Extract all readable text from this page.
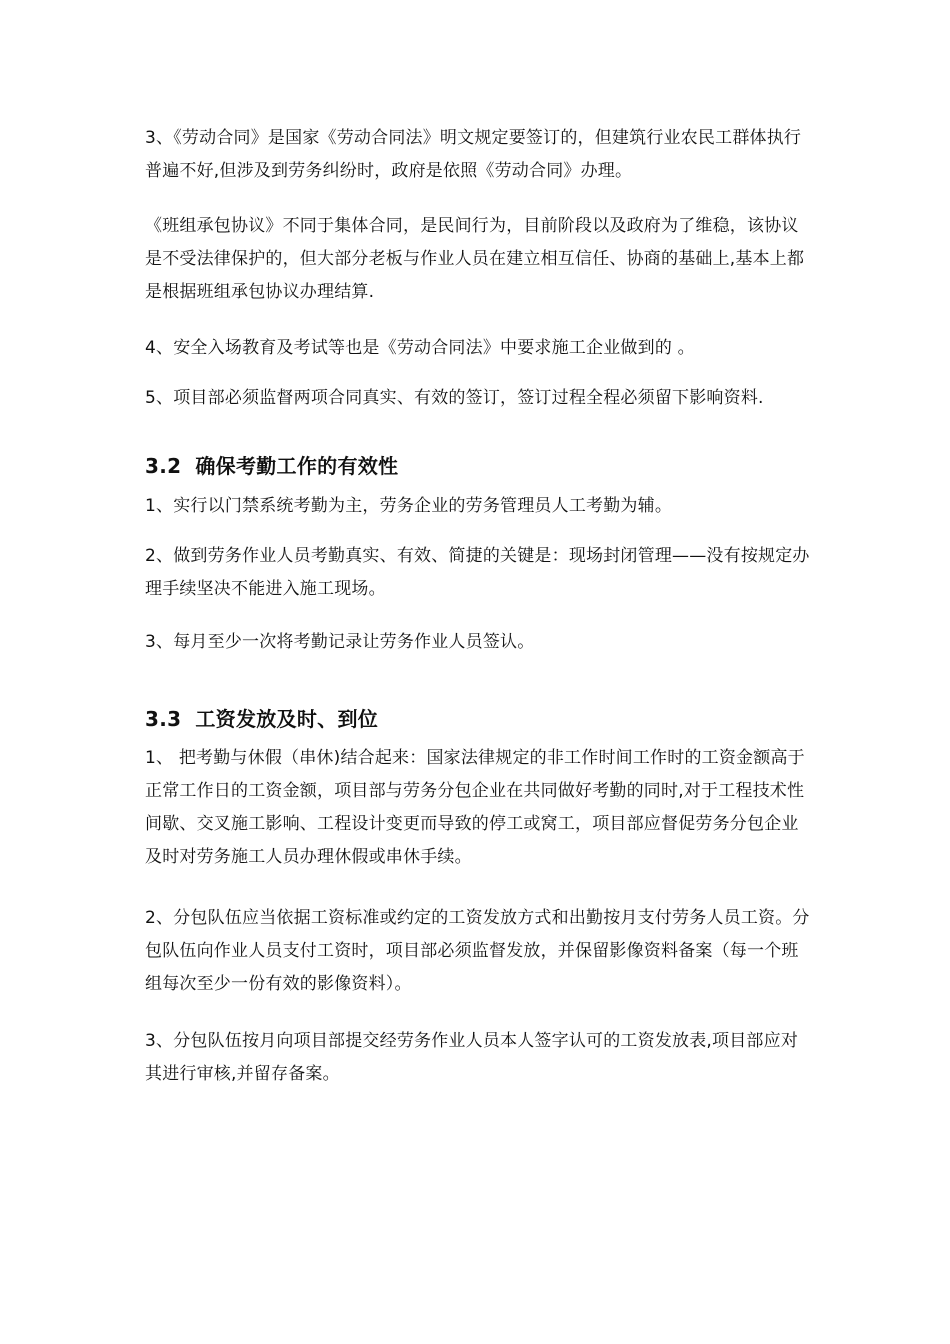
3、《劳动合同》是国家《劳动合同法》明文规定要签订的，但建筑行业农民工群体执行普遍不好,但涉及到劳务纠纷时，政府是依照《劳动合同》办理。

《班组承包协议》不同于集体合同，是民间行为，目前阶段以及政府为了维稳，该协议是不受法律保护的，但大部分老板与作业人员在建立相互信任、协商的基础上,基本上都是根据班组承包协议办理结算.

4、安全入场教育及考试等也是《劳动合同法》中要求施工企业做到的 。

5、项目部必须监督两项合同真实、有效的签订，签订过程全程必须留下影响资料.

3.2 确保考勤工作的有效性

1、实行以门禁系统考勤为主，劳务企业的劳务管理员人工考勤为辅。

2、做到劳务作业人员考勤真实、有效、简捷的关键是：现场封闭管理——没有按规定办理手续坚决不能进入施工现场。

3、每月至少一次将考勤记录让劳务作业人员签认。

3.3 工资发放及时、到位

1、 把考勤与休假（串休)结合起来：国家法律规定的非工作时间工作时的工资金额高于正常工作日的工资金额，项目部与劳务分包企业在共同做好考勤的同时,对于工程技术性间歇、交叉施工影响、工程设计变更而导致的停工或窝工，项目部应督促劳务分包企业及时对劳务施工人员办理休假或串休手续。

2、分包队伍应当依据工资标准或约定的工资发放方式和出勤按月支付劳务人员工资。分包队伍向作业人员支付工资时，项目部必须监督发放，并保留影像资料备案（每一个班组每次至少一份有效的影像资料）。

3、分包队伍按月向项目部提交经劳务作业人员本人签字认可的工资发放表,项目部应对其进行审核,并留存备案。
